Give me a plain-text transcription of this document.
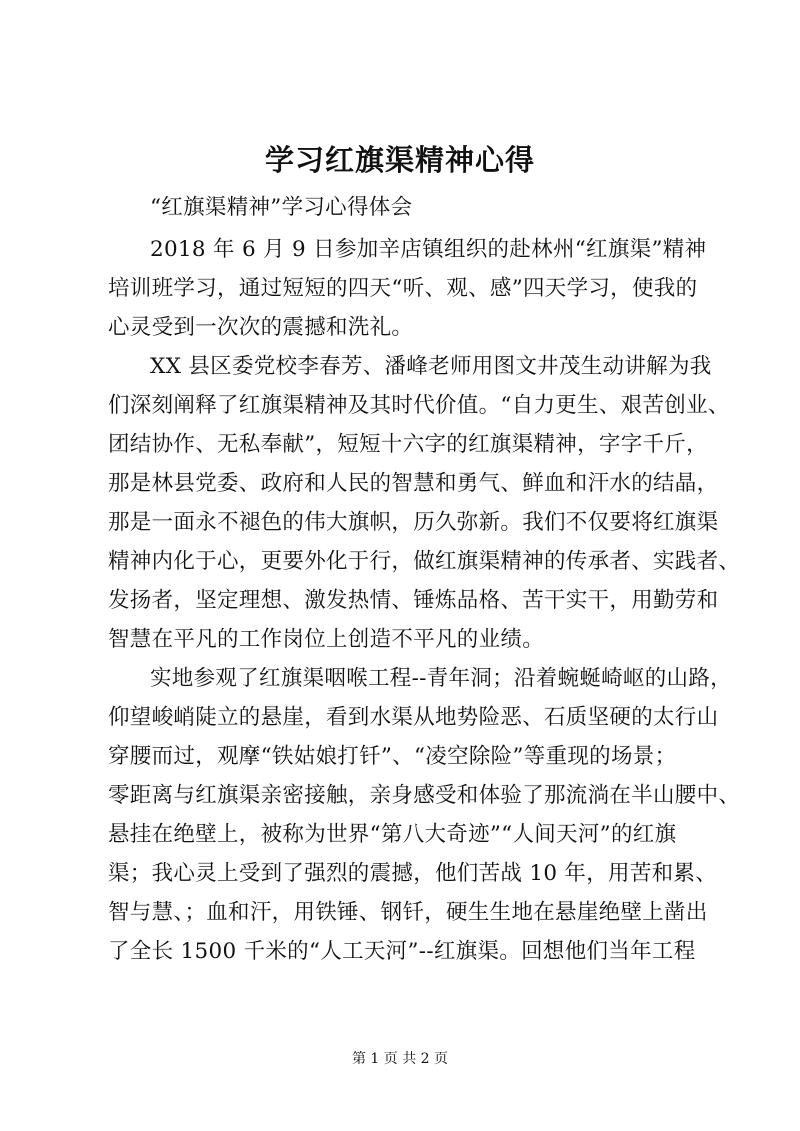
学习红旗渠精神心得
“红旗渠精神”学习心得体会
2018 年 6 月 9 日参加辛店镇组织的赴林州“红旗渠”精神
培训班学习，通过短短的四天“听、观、感”四天学习，使我的
心灵受到一次次的震撼和洗礼。
XX 县区委党校李春芳、潘峰老师用图文井茂生动讲解为我
们深刻阐释了红旗渠精神及其时代价值。“自力更生、艰苦创业、
团结协作、无私奉献”，短短十六字的红旗渠精神，字字千斤，
那是林县党委、政府和人民的智慧和勇气、鲜血和汗水的结晶，
那是一面永不褪色的伟大旗帜，历久弥新。我们不仅要将红旗渠
精神内化于心，更要外化于行，做红旗渠精神的传承者、实践者、
发扬者，坚定理想、激发热情、锤炼品格、苦干实干，用勤劳和
智慧在平凡的工作岗位上创造不平凡的业绩。
实地参观了红旗渠咽喉工程--青年洞；沿着蜿蜒崎岖的山路，
仰望峻峭陡立的悬崖，看到水渠从地势险恶、石质坚硬的太行山
穿腰而过，观摩“铁姑娘打钎”、“凌空除险”等重现的场景；
零距离与红旗渠亲密接触，亲身感受和体验了那流淌在半山腰中、
悬挂在绝壁上，被称为世界“第八大奇迹”“人间天河”的红旗
渠；我心灵上受到了强烈的震撼，他们苦战 10 年，用苦和累、
智与慧、；血和汗，用铁锤、钢钎，硬生生地在悬崖绝壁上凿出
了全长 1500 千米的“人工天河”--红旗渠。回想他们当年工程
第 1 页 共 2 页
